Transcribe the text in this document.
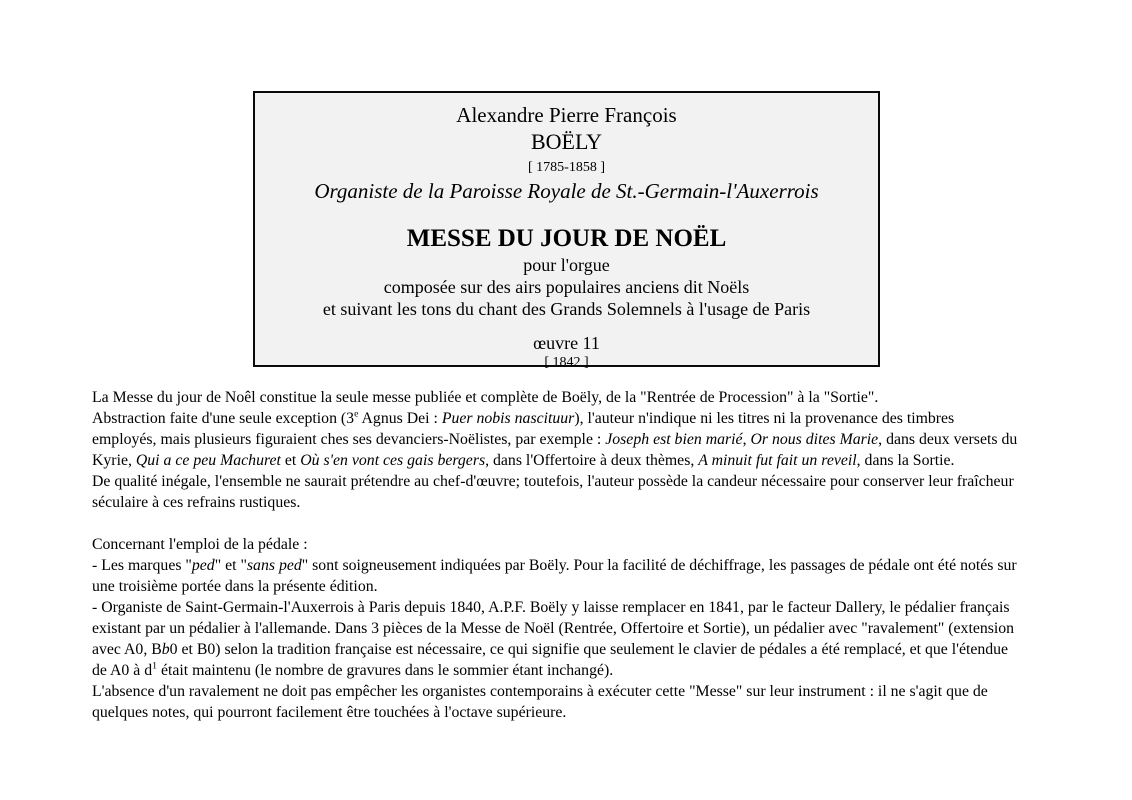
Alexandre Pierre François
BOËLY
[ 1785-1858 ]
Organiste de la Paroisse Royale de St.-Germain-l'Auxerrois
MESSE DU JOUR DE NOËL
pour l'orgue
composée sur des airs populaires anciens dit Noëls
et suivant les tons du chant des Grands Solemnels à l'usage de Paris
œuvre 11
[ 1842 ]
La Messe du jour de Noêl constitue la seule messe publiée et complète de Boëly, de la "Rentrée de Procession" à la "Sortie".
Abstraction faite d'une seule exception (3e Agnus Dei : Puer nobis nascituur), l'auteur n'indique ni les titres ni la provenance des timbres
employés, mais plusieurs figuraient ches ses devanciers-Noëlistes, par exemple : Joseph est bien marié, Or nous dites Marie, dans deux versets du
Kyrie, Qui a ce peu Machuret et Où s'en vont ces gais bergers, dans l'Offertoire à deux thèmes, A minuit fut fait un reveil, dans la Sortie.
De qualité inégale, l'ensemble ne saurait prétendre au chef-d'œuvre; toutefois, l'auteur possède la candeur nécessaire pour conserver leur fraîcheur
séculaire à ces refrains rustiques.
Concernant l'emploi de la pédale :
- Les marques "ped" et "sans ped" sont soigneusement indiquées par Boëly. Pour la facilité de déchiffrage, les passages de pédale ont été notés sur
une troisième portée dans la présente édition.
- Organiste de Saint-Germain-l'Auxerrois à Paris depuis 1840, A.P.F. Boëly y laisse remplacer en 1841, par le facteur Dallery, le pédalier français
existant par un pédalier à l'allemande. Dans 3 pièces de la Messe de Noël (Rentrée, Offertoire et Sortie), un pédalier avec "ravalement" (extension
avec A0, Bb0 et B0) selon la tradition française est nécessaire, ce qui signifie que seulement le clavier de pédales a été remplacé, et que l'étendue
de A0 à $d^1$ était maintenu (le nombre de gravures dans le sommier étant inchangé).
L'absence d'un ravalement ne doit pas empêcher les organistes contemporains à exécuter cette "Messe" sur leur instrument : il ne s'agit que de
quelques notes, qui pourront facilement être touchées à l'octave supérieure.
